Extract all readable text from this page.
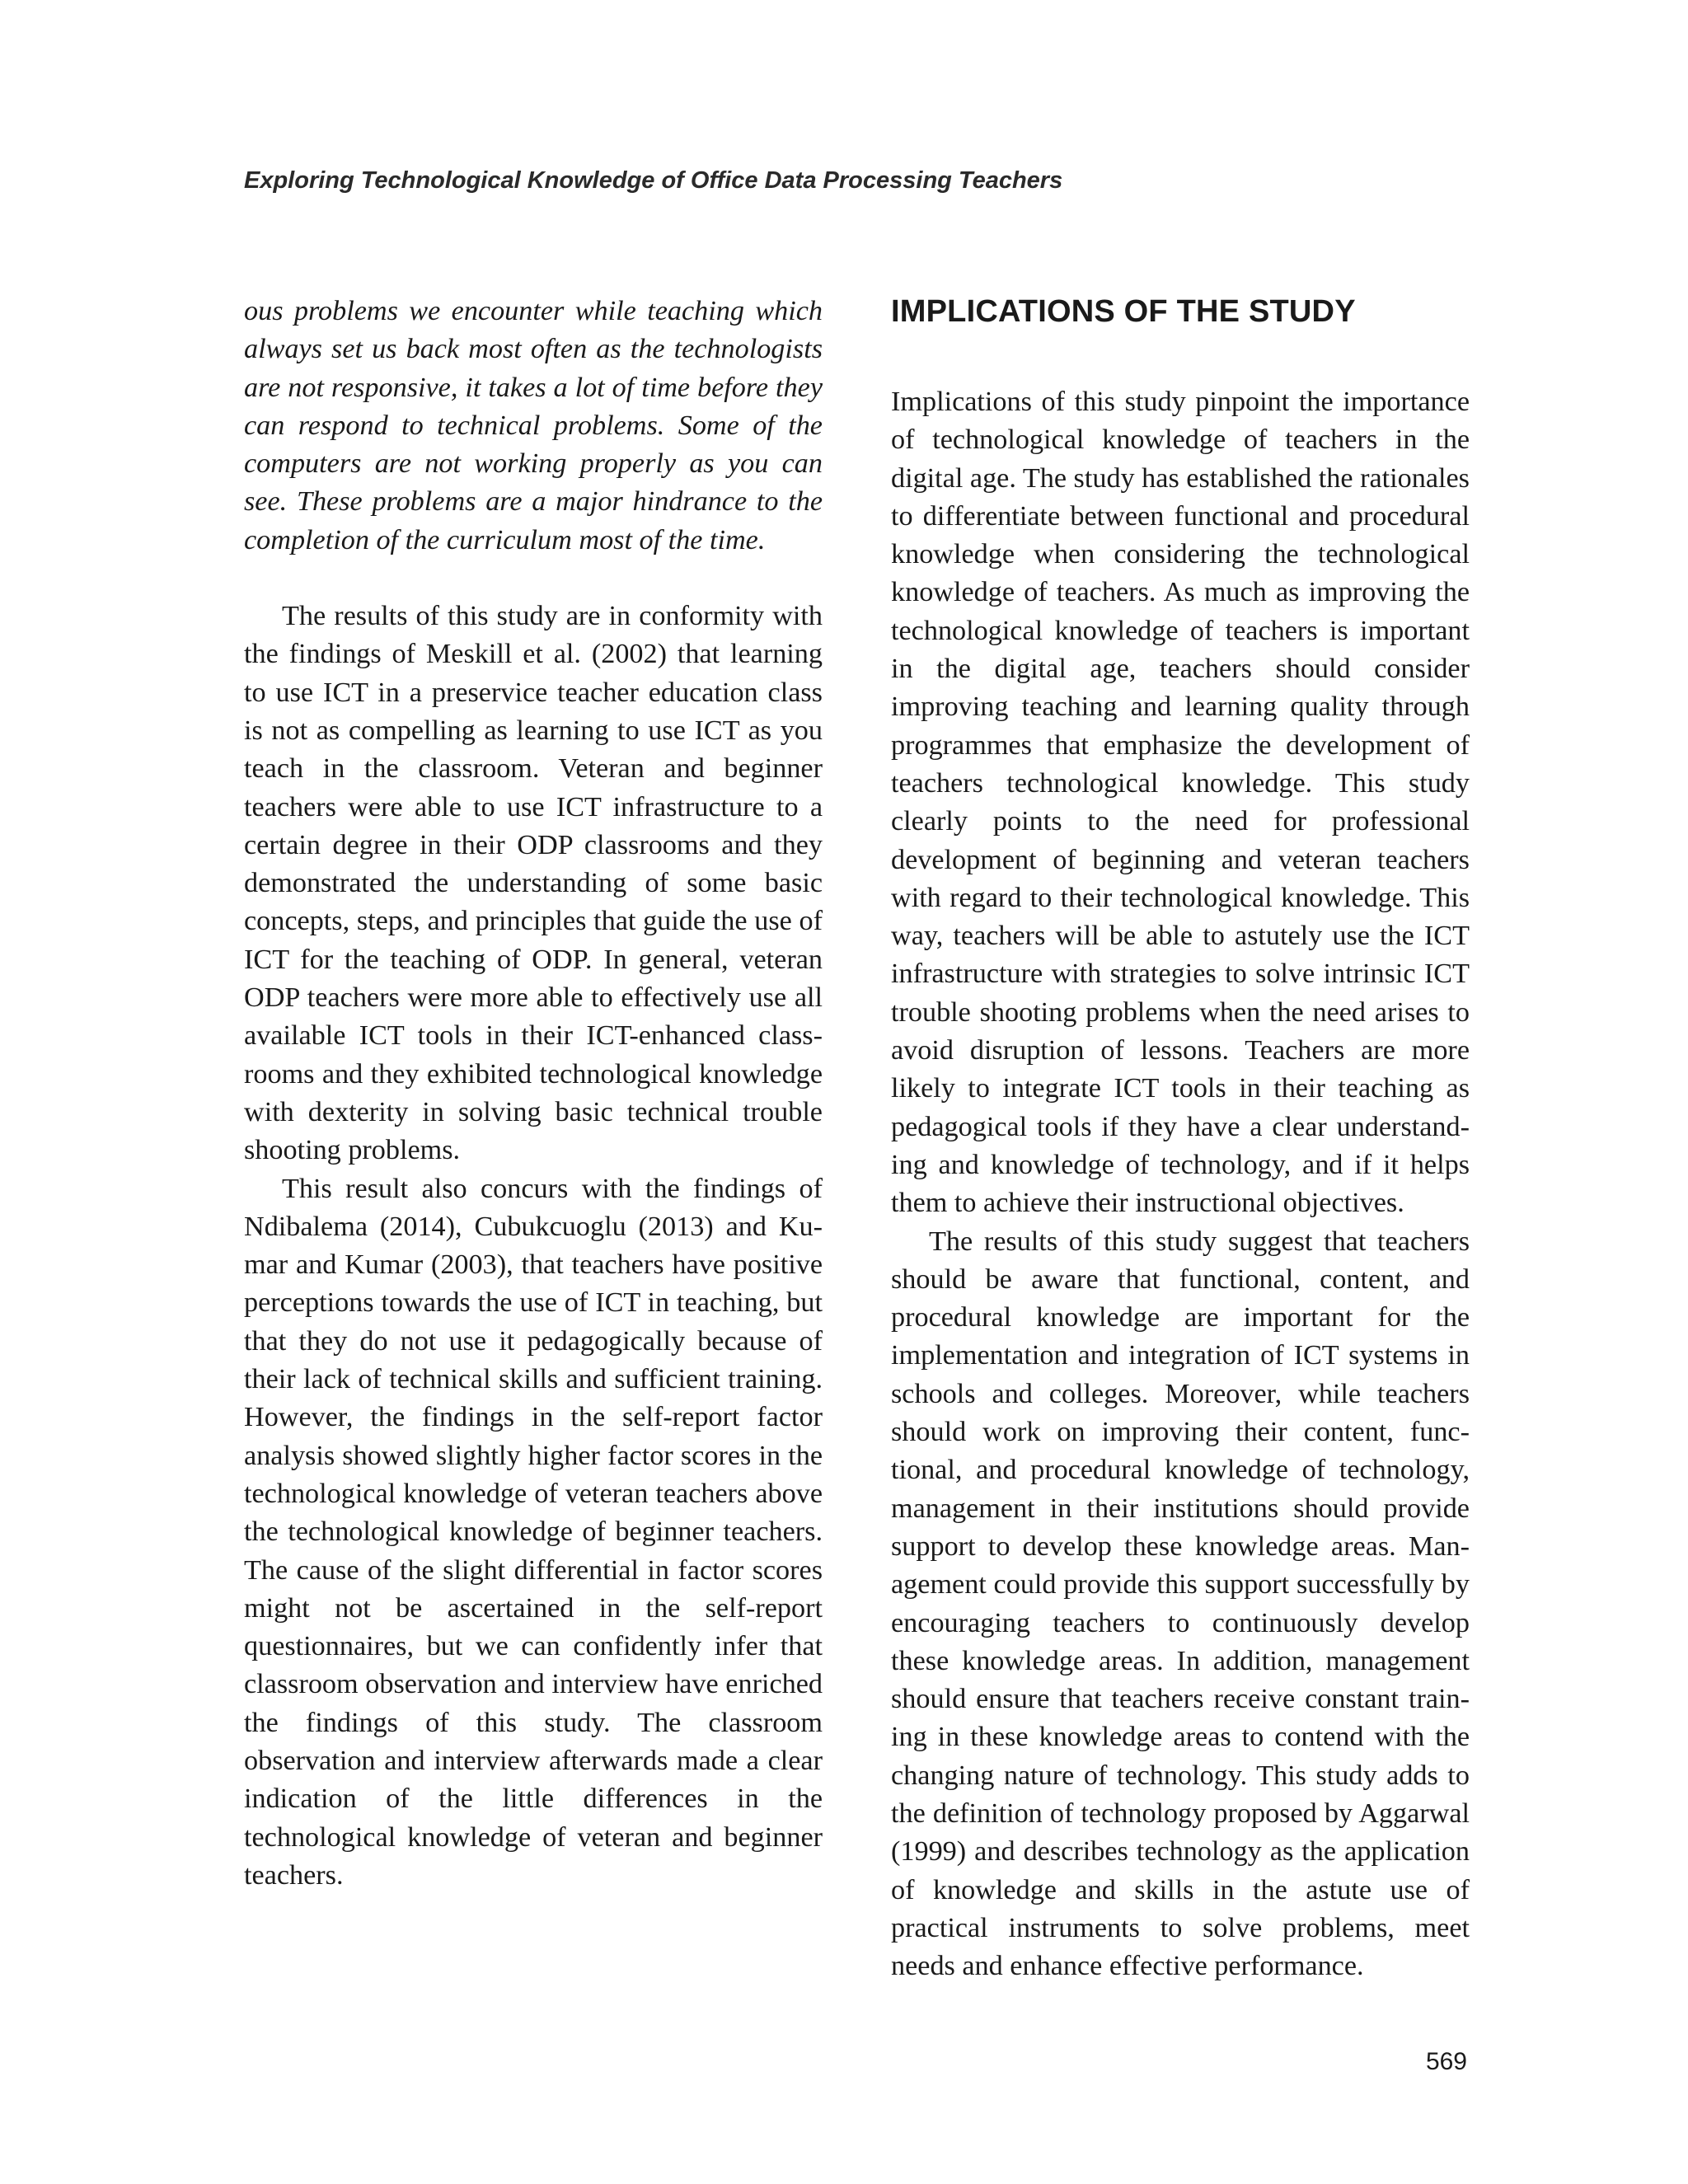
Exploring Technological Knowledge of Office Data Processing Teachers

ous problems we encounter while teaching which always set us back most often as the technologists are not responsive, it takes a lot of time before they can respond to technical problems. Some of the computers are not working properly as you can see. These problems are a major hindrance to the completion of the curriculum most of the time.

The results of this study are in conformity with the findings of Meskill et al. (2002) that learning to use ICT in a preservice teacher education class is not as compelling as learning to use ICT as you teach in the classroom. Veteran and beginner teachers were able to use ICT infrastructure to a certain degree in their ODP classrooms and they demonstrated the understanding of some basic concepts, steps, and principles that guide the use of ICT for the teaching of ODP. In general, veteran ODP teachers were more able to effectively use all available ICT tools in their ICT-enhanced classrooms and they exhibited technological knowledge with dexterity in solving basic technical trouble shooting problems.

This result also concurs with the findings of Ndibalema (2014), Cubukcuoglu (2013) and Kumar and Kumar (2003), that teachers have positive perceptions towards the use of ICT in teaching, but that they do not use it pedagogically because of their lack of technical skills and sufficient training. However, the findings in the self-report factor analysis showed slightly higher factor scores in the technological knowledge of veteran teachers above the technological knowledge of beginner teachers. The cause of the slight differential in factor scores might not be ascertained in the self-report questionnaires, but we can confidently infer that classroom observation and interview have enriched the findings of this study. The classroom observation and interview afterwards made a clear indication of the little differences in the technological knowledge of veteran and beginner teachers.

IMPLICATIONS OF THE STUDY

Implications of this study pinpoint the importance of technological knowledge of teachers in the digital age. The study has established the rationales to differentiate between functional and procedural knowledge when considering the technological knowledge of teachers. As much as improving the technological knowledge of teachers is important in the digital age, teachers should consider improving teaching and learning quality through programmes that emphasize the development of teachers technological knowledge. This study clearly points to the need for professional development of beginning and veteran teachers with regard to their technological knowledge. This way, teachers will be able to astutely use the ICT infrastructure with strategies to solve intrinsic ICT trouble shooting problems when the need arises to avoid disruption of lessons. Teachers are more likely to integrate ICT tools in their teaching as pedagogical tools if they have a clear understanding and knowledge of technology, and if it helps them to achieve their instructional objectives.

The results of this study suggest that teachers should be aware that functional, content, and procedural knowledge are important for the implementation and integration of ICT systems in schools and colleges. Moreover, while teachers should work on improving their content, functional, and procedural knowledge of technology, management in their institutions should provide support to develop these knowledge areas. Management could provide this support successfully by encouraging teachers to continuously develop these knowledge areas. In addition, management should ensure that teachers receive constant training in these knowledge areas to contend with the changing nature of technology. This study adds to the definition of technology proposed by Aggarwal (1999) and describes technology as the application of knowledge and skills in the astute use of practical instruments to solve problems, meet needs and enhance effective performance.

569
